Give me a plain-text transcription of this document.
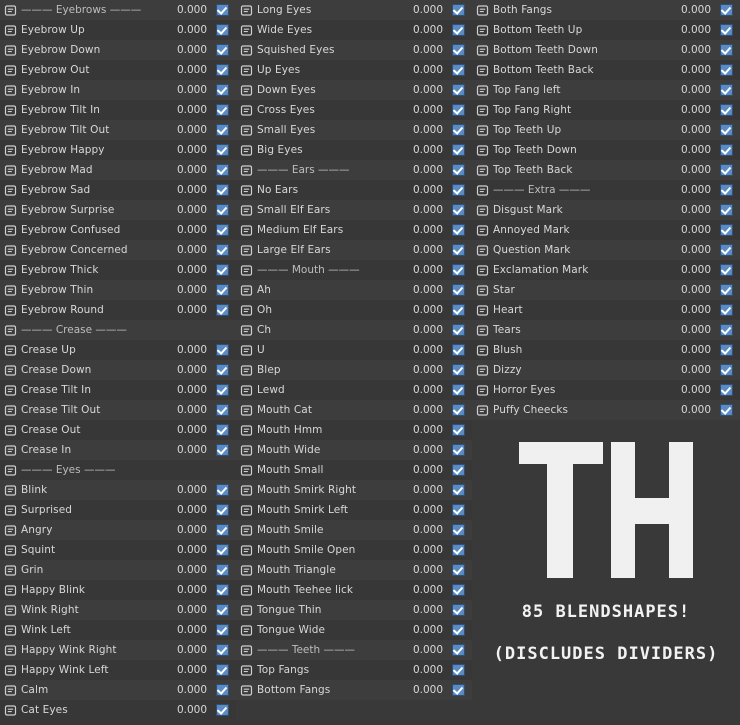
——— Eyebrows ———	0.000
Eyebrow Up	0.000
Eyebrow Down	0.000
Eyebrow Out	0.000
Eyebrow In	0.000
Eyebrow Tilt In	0.000
Eyebrow Tilt Out	0.000
Eyebrow Happy	0.000
Eyebrow Mad	0.000
Eyebrow Sad	0.000
Eyebrow Surprise	0.000
Eyebrow Confused	0.000
Eyebrow Concerned	0.000
Eyebrow Thick	0.000
Eyebrow Thin	0.000
Eyebrow Round	0.000
——— Crease ———
Crease Up	0.000
Crease Down	0.000
Crease Tilt In	0.000
Crease Tilt Out	0.000
Crease Out	0.000
Crease In	0.000
——— Eyes ———
Blink	0.000
Surprised	0.000
Angry	0.000
Squint	0.000
Grin	0.000
Happy Blink	0.000
Wink Right	0.000
Wink Left	0.000
Happy Wink Right	0.000
Happy Wink Left	0.000
Calm	0.000
Cat Eyes	0.000
Long Eyes	0.000
Wide Eyes	0.000
Squished Eyes	0.000
Up Eyes	0.000
Down Eyes	0.000
Cross Eyes	0.000
Small Eyes	0.000
Big Eyes	0.000
——— Ears ———	0.000
No Ears	0.000
Small Elf Ears	0.000
Medium Elf Ears	0.000
Large Elf Ears	0.000
——— Mouth ———	0.000
Ah	0.000
Oh	0.000
Ch	0.000
U	0.000
Blep	0.000
Lewd	0.000
Mouth Cat	0.000
Mouth Hmm	0.000
Mouth Wide	0.000
Mouth Small	0.000
Mouth Smirk Right	0.000
Mouth Smirk Left	0.000
Mouth Smile	0.000
Mouth Smile Open	0.000
Mouth Triangle	0.000
Mouth Teehee lick	0.000
Tongue Thin	0.000
Tongue Wide	0.000
——— Teeth ———	0.000
Top Fangs	0.000
Bottom Fangs	0.000
Both Fangs	0.000
Bottom Teeth Up	0.000
Bottom Teeth Down	0.000
Bottom Teeth Back	0.000
Top Fang left	0.000
Top Fang Right	0.000
Top Teeth Up	0.000
Top Teeth Down	0.000
Top Teeth Back	0.000
——— Extra ———	0.000
Disgust Mark	0.000
Annoyed Mark	0.000
Question Mark	0.000
Exclamation Mark	0.000
Star	0.000
Heart	0.000
Tears	0.000
Blush	0.000
Dizzy	0.000
Horror Eyes	0.000
Puffy Cheecks	0.000
85 BLENDSHAPES!
(DISCLUDES DIVIDERS)
